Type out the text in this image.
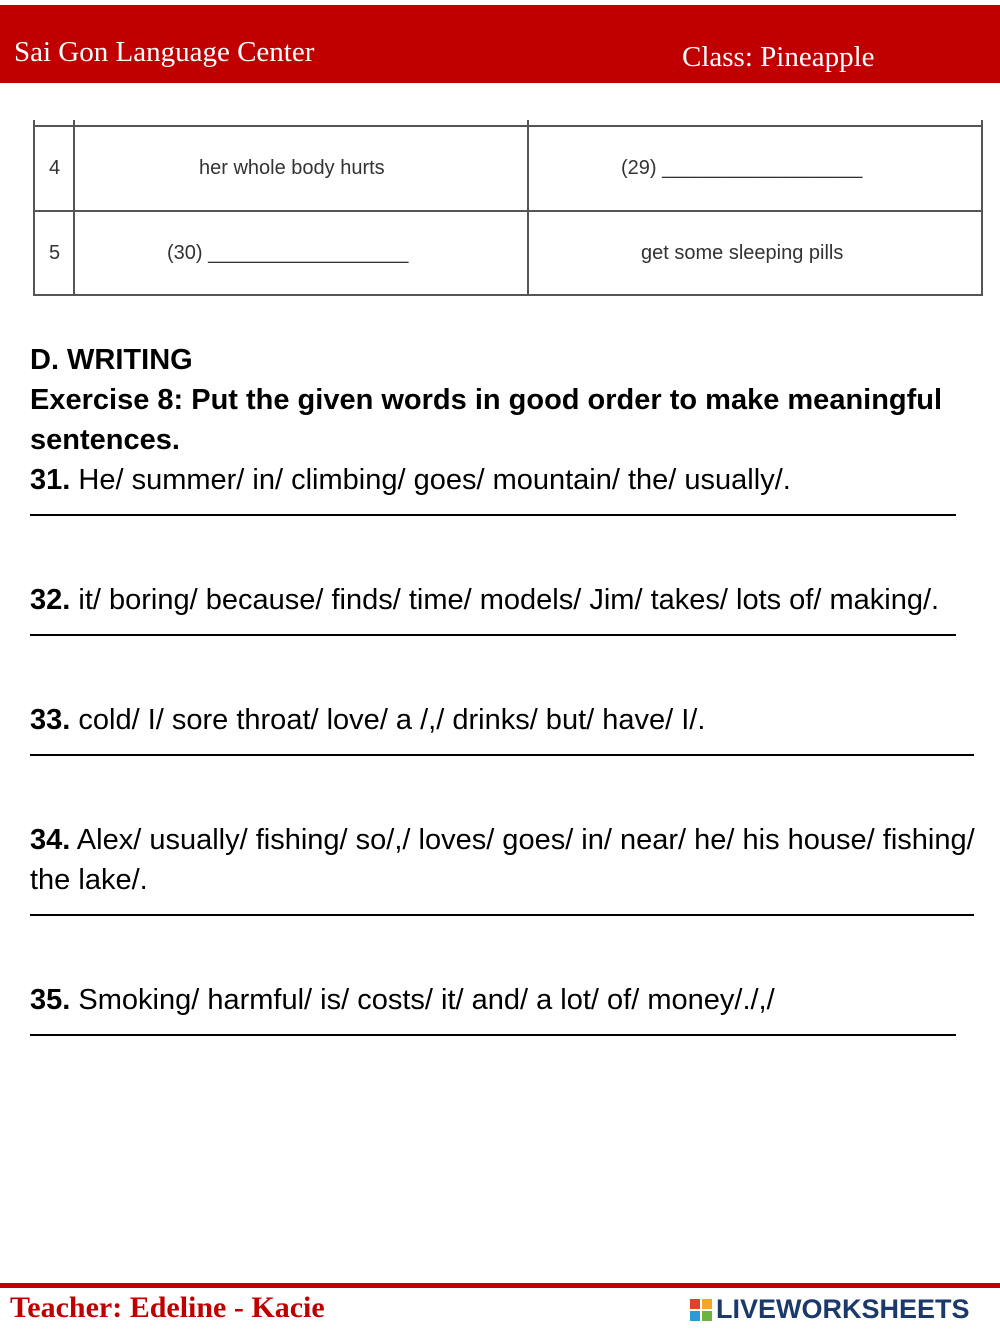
Sai Gon Language Center	Class: Pineapple
4	her whole body hurts	(29) __________________
5	(30) __________________	get some sleeping pills

D. WRITING

Exercise 8: Put the given words in good order to make meaningful sentences.

31. He/ summer/ in/ climbing/ goes/ mountain/ the/ usually/.

32. it/ boring/ because/ finds/ time/ models/ Jim/ takes/ lots of/ making/.

33. cold/ I/ sore throat/ love/ a /,/ drinks/ but/ have/ I/.

34. Alex/ usually/ fishing/ so/,/ loves/ goes/ in/ near/ he/ his house/ fishing/ the lake/.

35. Smoking/ harmful/ is/ costs/ it/ and/ a lot/ of/ money/./,/

Teacher: Edeline - Kacie	LIVEWORKSHEETS
